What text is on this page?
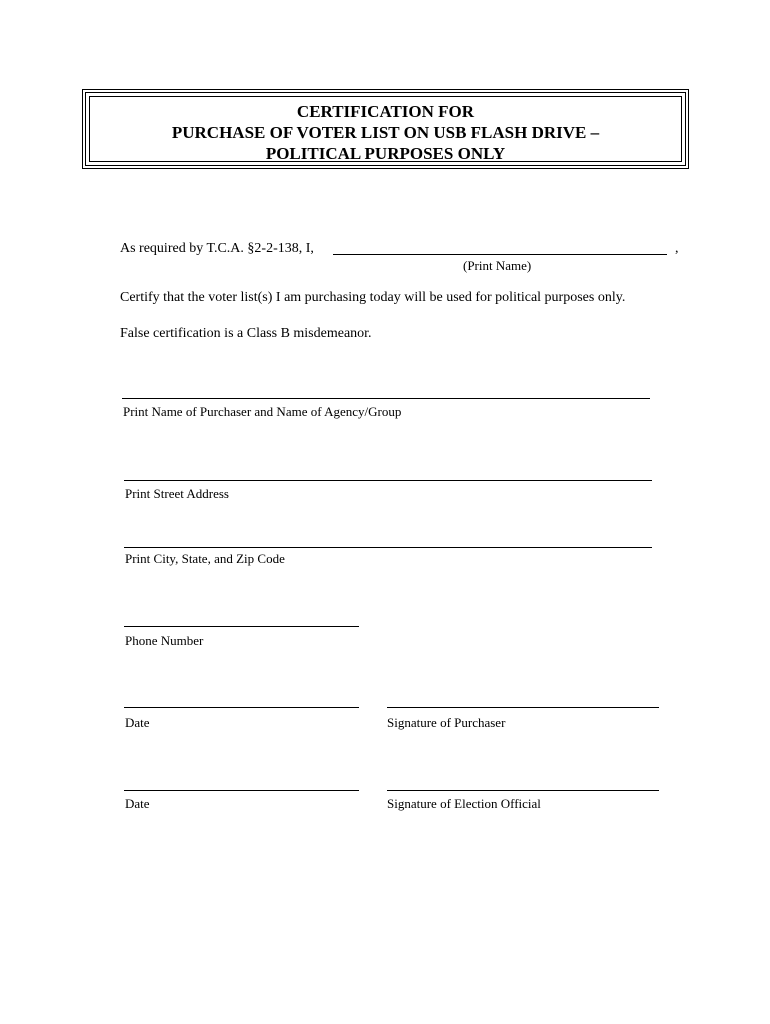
CERTIFICATION FOR
PURCHASE OF VOTER LIST ON USB FLASH DRIVE –
POLITICAL PURPOSES ONLY
As required by T.C.A. §2-2-138, I,	,
(Print Name)
Certify that the voter list(s) I am purchasing today will be used for political purposes only.
False certification is a Class B misdemeanor.
Print Name of Purchaser and Name of Agency/Group
Print Street Address
Print City, State, and Zip Code
Phone Number
Date	Signature of Purchaser
Date	Signature of Election Official
